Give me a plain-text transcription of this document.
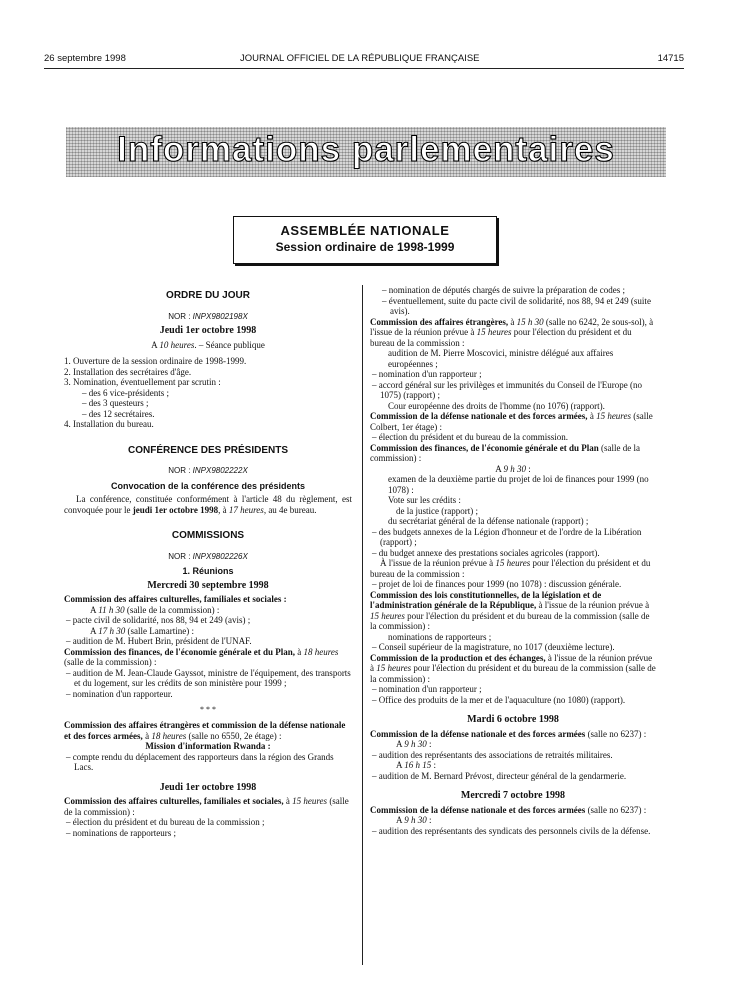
26 septembre 1998	JOURNAL OFFICIEL DE LA RÉPUBLIQUE FRANÇAISE	14715
Informations parlementaires
ASSEMBLÉE NATIONALE
Session ordinaire de 1998-1999
ORDRE DU JOUR
NOR : INPX9802198X
Jeudi 1er octobre 1998

A 10 heures. – Séance publique

1. Ouverture de la session ordinaire de 1998-1999.

2. Installation des secrétaires d'âge.

3. Nomination, éventuellement par scrutin :

– des 6 vice-présidents ;

– des 3 questeurs ;

– des 12 secrétaires.

4. Installation du bureau.

CONFÉRENCE DES PRÉSIDENTS
NOR : INPX9802222X
Convocation de la conférence des présidents

La conférence, constituée conformément à l'article 48 du règlement, est convoquée pour le jeudi 1er octobre 1998, à 17 heures, au 4e bureau.

COMMISSIONS
NOR : INPX9802226X
1. Réunions
Mercredi 30 septembre 1998

Commission des affaires culturelles, familiales et sociales :

A 11 h 30 (salle de la commission) :

– pacte civil de solidarité, nos 88, 94 et 249 (avis) ;

A 17 h 30 (salle Lamartine) :

– audition de M. Hubert Brin, président de l'UNAF.

Commission des finances, de l'économie générale et du Plan, à 18 heures (salle de la commission) :

– audition de M. Jean-Claude Gayssot, ministre de l'équipement, des transports et du logement, sur les crédits de son ministère pour 1999 ;

– nomination d'un rapporteur.

* * *

Commission des affaires étrangères et commission de la défense nationale et des forces armées, à 18 heures (salle no 6550, 2e étage) :

Mission d'information Rwanda :

– compte rendu du déplacement des rapporteurs dans la région des Grands Lacs.

Jeudi 1er octobre 1998

Commission des affaires culturelles, familiales et sociales, à 15 heures (salle de la commission) :

– élection du président et du bureau de la commission ;

– nominations de rapporteurs ;

– nomination de députés chargés de suivre la préparation de codes ;

– éventuellement, suite du pacte civil de solidarité, nos 88, 94 et 249 (suite avis).

Commission des affaires étrangères, à 15 h 30 (salle no 6242, 2e sous-sol), à l'issue de la réunion prévue à 15 heures pour l'élection du président et du bureau de la commission :

audition de M. Pierre Moscovici, ministre délégué aux affaires européennes ;

– nomination d'un rapporteur ;

– accord général sur les privilèges et immunités du Conseil de l'Europe (no 1075) (rapport) ;

Cour européenne des droits de l'homme (no 1076) (rapport).

Commission de la défense nationale et des forces armées, à 15 heures (salle Colbert, 1er étage) :

– élection du président et du bureau de la commission.

Commission des finances, de l'économie générale et du Plan (salle de la commission) :

A 9 h 30 :

examen de la deuxième partie du projet de loi de finances pour 1999 (no 1078) :

Vote sur les crédits :

de la justice (rapport) ;

du secrétariat général de la défense nationale (rapport) ;

– des budgets annexes de la Légion d'honneur et de l'ordre de la Libération (rapport) ;

– du budget annexe des prestations sociales agricoles (rapport).

À l'issue de la réunion prévue à 15 heures pour l'élection du président et du bureau de la commission :

– projet de loi de finances pour 1999 (no 1078) : discussion générale.

Commission des lois constitutionnelles, de la législation et de l'administration générale de la République, à l'issue de la réunion prévue à 15 heures pour l'élection du président et du bureau de la commission (salle de la commission) :

nominations de rapporteurs ;

– Conseil supérieur de la magistrature, no 1017 (deuxième lecture).

Commission de la production et des échanges, à l'issue de la réunion prévue à 15 heures pour l'élection du président et du bureau de la commission (salle de la commission) :

– nomination d'un rapporteur ;

– Office des produits de la mer et de l'aquaculture (no 1080) (rapport).

Mardi 6 octobre 1998

Commission de la défense nationale et des forces armées (salle no 6237) :

A 9 h 30 :

– audition des représentants des associations de retraités militaires.

A 16 h 15 :

– audition de M. Bernard Prévost, directeur général de la gendarmerie.

Mercredi 7 octobre 1998

Commission de la défense nationale et des forces armées (salle no 6237) :

A 9 h 30 :

– audition des représentants des syndicats des personnels civils de la défense.
